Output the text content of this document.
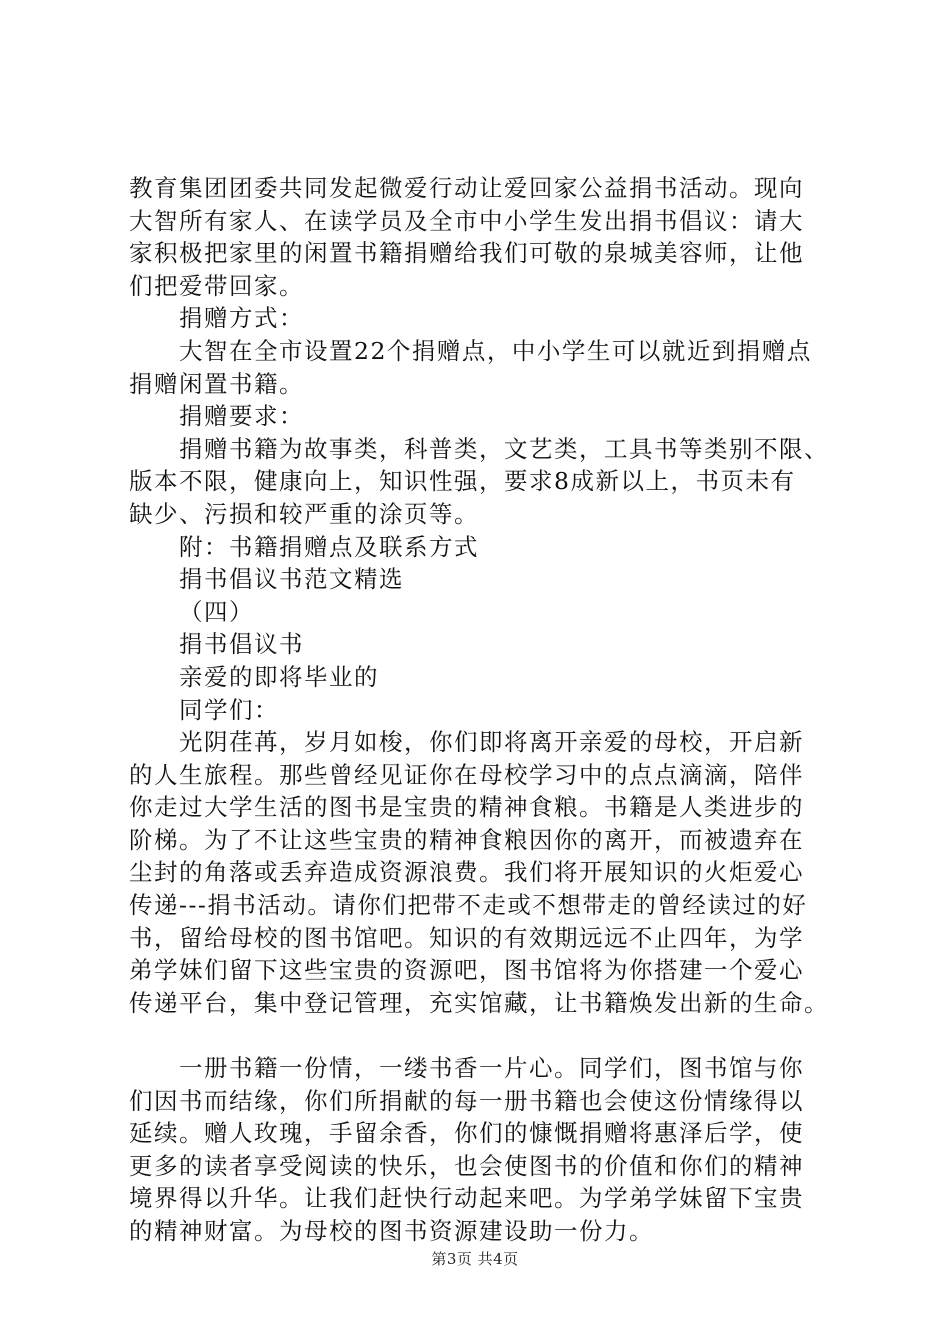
教育集团团委共同发起微爱行动让爱回家公益捐书活动。现向
大智所有家人、在读学员及全市中小学生发出捐书倡议：请大
家积极把家里的闲置书籍捐赠给我们可敬的泉城美容师，让他
们把爱带回家。
捐赠方式：
大智在全市设置22个捐赠点，中小学生可以就近到捐赠点
捐赠闲置书籍。
捐赠要求：
捐赠书籍为故事类，科普类，文艺类，工具书等类别不限、
版本不限，健康向上，知识性强，要求8成新以上，书页未有
缺少、污损和较严重的涂页等。
附：书籍捐赠点及联系方式
捐书倡议书范文精选
（四）
捐书倡议书
亲爱的即将毕业的
同学们：
光阴荏苒，岁月如梭，你们即将离开亲爱的母校，开启新
的人生旅程。那些曾经见证你在母校学习中的点点滴滴，陪伴
你走过大学生活的图书是宝贵的精神食粮。书籍是人类进步的
阶梯。为了不让这些宝贵的精神食粮因你的离开，而被遗弃在
尘封的角落或丢弃造成资源浪费。我们将开展知识的火炬爱心
传递---捐书活动。请你们把带不走或不想带走的曾经读过的好
书，留给母校的图书馆吧。知识的有效期远远不止四年，为学
弟学妹们留下这些宝贵的资源吧，图书馆将为你搭建一个爱心
传递平台，集中登记管理，充实馆藏，让书籍焕发出新的生命。
一册书籍一份情，一缕书香一片心。同学们，图书馆与你
们因书而结缘，你们所捐献的每一册书籍也会使这份情缘得以
延续。赠人玫瑰，手留余香，你们的慷慨捐赠将惠泽后学，使
更多的读者享受阅读的快乐，也会使图书的价值和你们的精神
境界得以升华。让我们赶快行动起来吧。为学弟学妹留下宝贵
的精神财富。为母校的图书资源建设助一份力。
第3页 共4页
